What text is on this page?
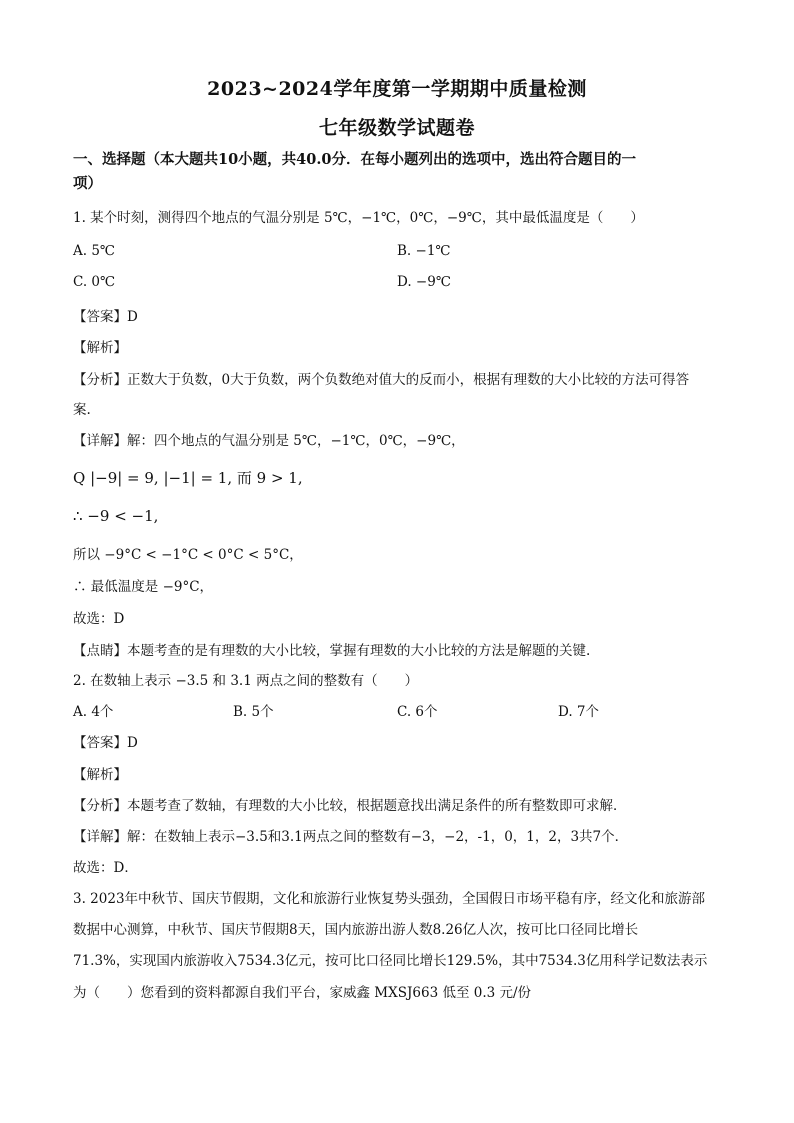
2023~2024学年度第一学期期中质量检测
七年级数学试题卷
一、选择题（本大题共10小题，共40.0分．在每小题列出的选项中，选出符合题目的一
项）
1. 某个时刻，测得四个地点的气温分别是 5℃，−1℃，0℃，−9℃，其中最低温度是（　　）
A. 5℃	B. −1℃
C. 0℃	D. −9℃
【答案】D
【解析】
【分析】正数大于负数，0大于负数，两个负数绝对值大的反而小，根据有理数的大小比较的方法可得答
案.
【详解】解：四个地点的气温分别是 5℃，−1℃，0℃，−9℃，
Q |−9| = 9, |−1| = 1, 而 9 > 1,
∴ −9 < −1,
所以 −9°C < −1°C < 0°C < 5°C，
∴ 最低温度是 −9°C，
故选：D
【点睛】本题考查的是有理数的大小比较，掌握有理数的大小比较的方法是解题的关键.
2. 在数轴上表示 −3.5 和 3.1 两点之间的整数有（　　）
A. 4个	B. 5个	C. 6个	D. 7个
【答案】D
【解析】
【分析】本题考查了数轴，有理数的大小比较，根据题意找出满足条件的所有整数即可求解．
【详解】解：在数轴上表示−3.5和3.1两点之间的整数有−3，−2，-1，0，1，2，3共7个．
故选：D．
3. 2023年中秋节、国庆节假期，文化和旅游行业恢复势头强劲，全国假日市场平稳有序，经文化和旅游部
数据中心测算，中秋节、国庆节假期8天，国内旅游出游人数8.26亿人次，按可比口径同比增长
71.3%，实现国内旅游收入7534.3亿元，按可比口径同比增长129.5%，其中7534.3亿用科学记数法表示
为（　　）您看到的资料都源自我们平台，家威鑫 MXSJ663 低至 0.3 元/份
